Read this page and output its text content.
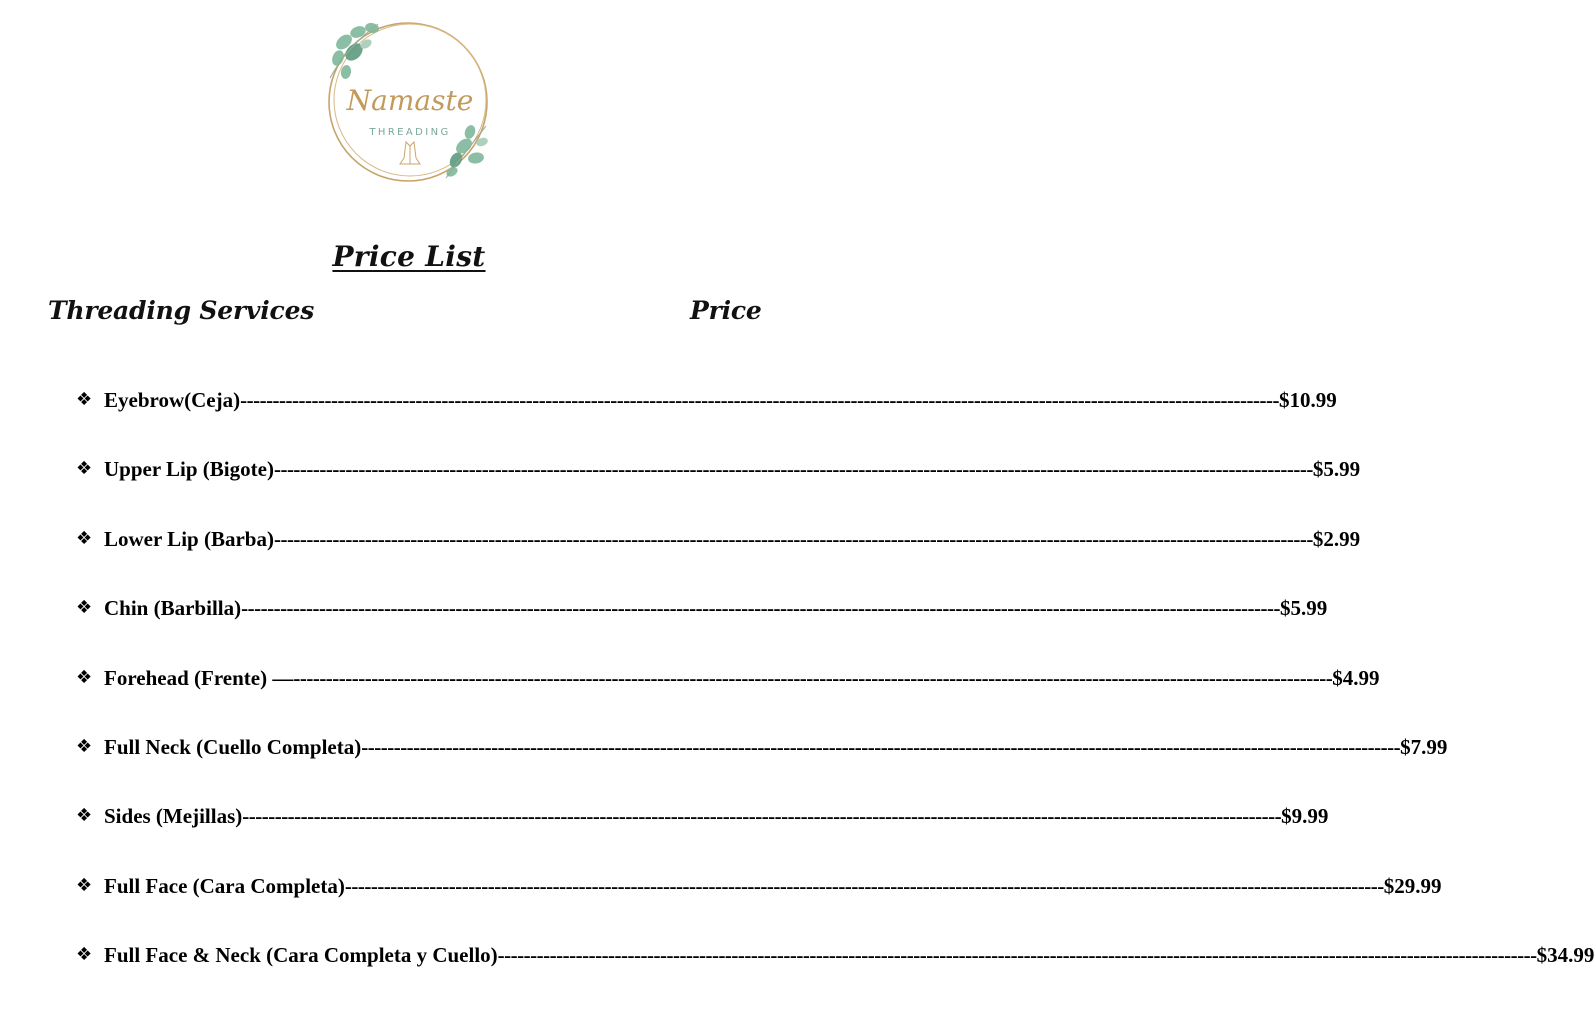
Namaste
THREADING
Price List
Threading Services	Price
❖ Eyebrow(Ceja) ---------------------------------------------------------------------------------------------------------------------------------------------------------------- $10.99
❖ Upper Lip (Bigote) ---------------------------------------------------------------------------------------------------------------------------------------------------------------- $5.99
❖ Lower Lip (Barba) ---------------------------------------------------------------------------------------------------------------------------------------------------------------- $2.99
❖ Chin (Barbilla) ---------------------------------------------------------------------------------------------------------------------------------------------------------------- $5.99
❖ Forehead (Frente) — ---------------------------------------------------------------------------------------------------------------------------------------------------------------- $4.99
❖ Full Neck (Cuello Completa) ---------------------------------------------------------------------------------------------------------------------------------------------------------------- $7.99
❖ Sides (Mejillas) ---------------------------------------------------------------------------------------------------------------------------------------------------------------- $9.99
❖ Full Face (Cara Completa) ---------------------------------------------------------------------------------------------------------------------------------------------------------------- $29.99
❖ Full Face & Neck (Cara Completa y Cuello) ---------------------------------------------------------------------------------------------------------------------------------------------------------------- $34.99
